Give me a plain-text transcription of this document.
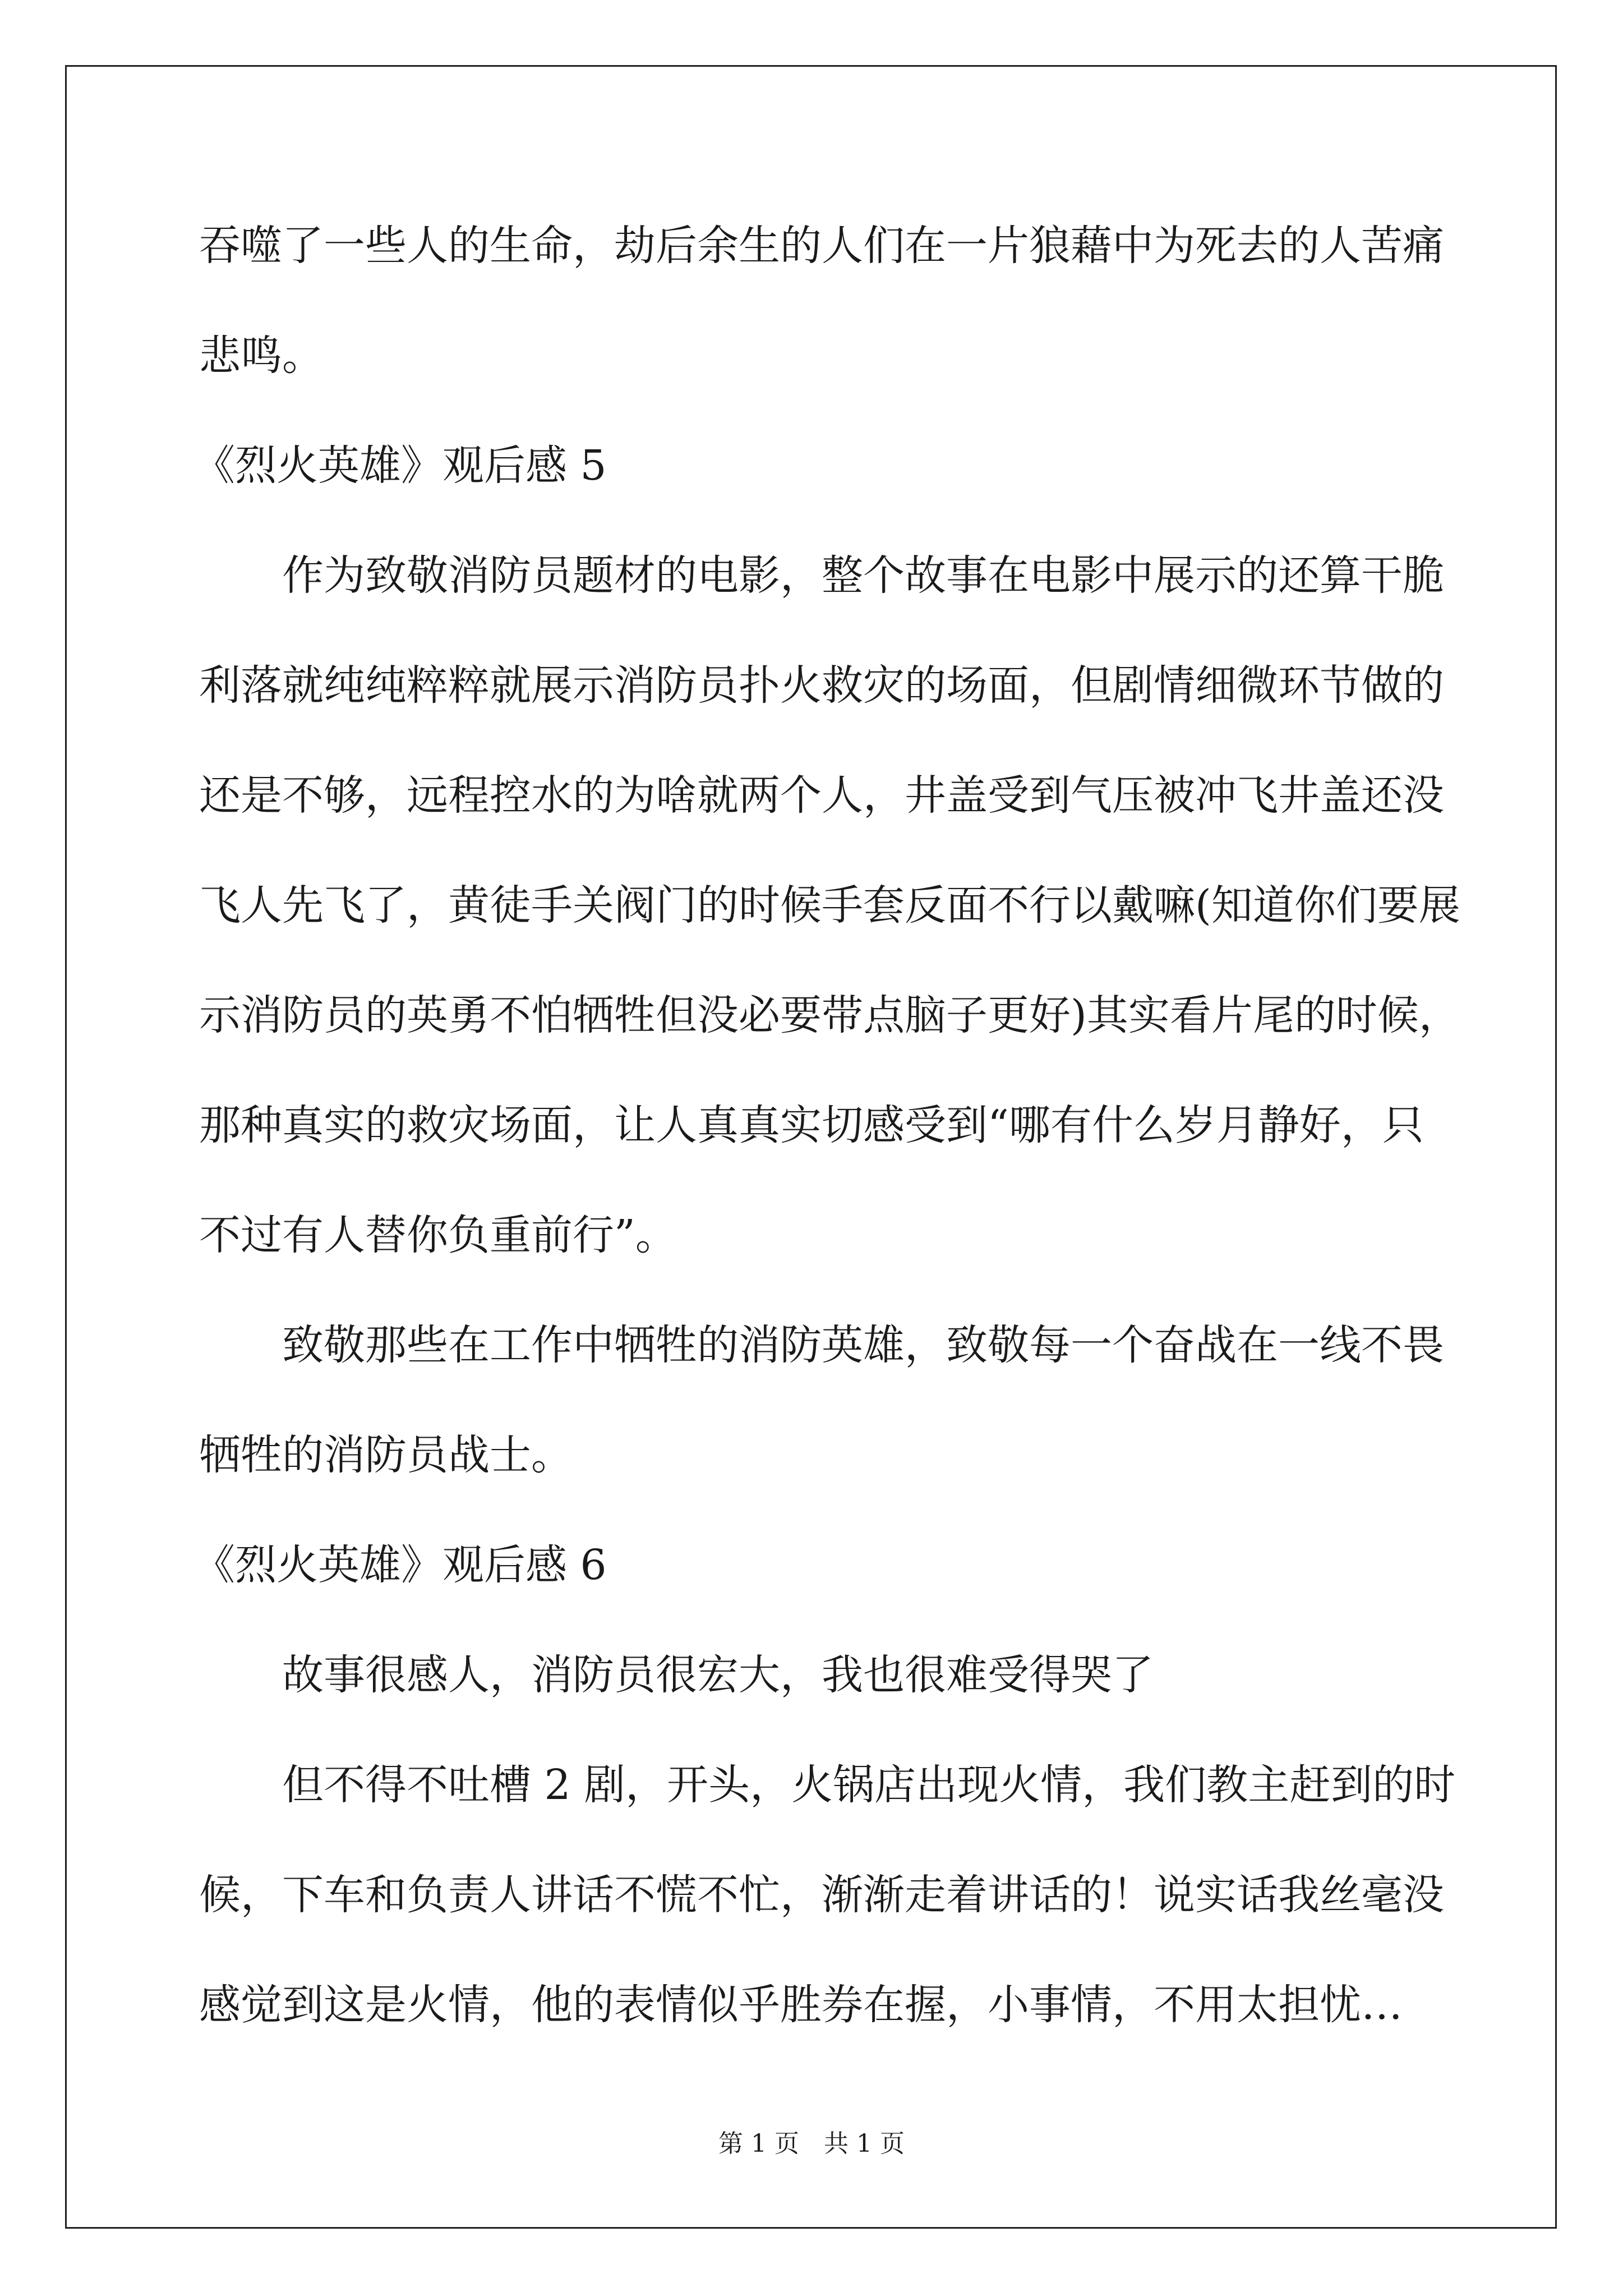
吞噬了一些人的生命，劫后余生的人们在一片狼藉中为死去的人苦痛

悲鸣。

《烈火英雄》观后感 5

作为致敬消防员题材的电影，整个故事在电影中展示的还算干脆

利落就纯纯粹粹就展示消防员扑火救灾的场面，但剧情细微环节做的

还是不够，远程控水的为啥就两个人，井盖受到气压被冲飞井盖还没

飞人先飞了，黄徒手关阀门的时候手套反面不行以戴嘛(知道你们要展

示消防员的英勇不怕牺牲但没必要带点脑子更好)其实看片尾的时候，

那种真实的救灾场面，让人真真实切感受到“哪有什么岁月静好，只

不过有人替你负重前行”。

致敬那些在工作中牺牲的消防英雄，致敬每一个奋战在一线不畏

牺牲的消防员战士。

《烈火英雄》观后感 6

故事很感人，消防员很宏大，我也很难受得哭了

但不得不吐槽 2 剧，开头，火锅店出现火情，我们教主赶到的时

候，下车和负责人讲话不慌不忙，渐渐走着讲话的！说实话我丝毫没

感觉到这是火情，他的表情似乎胜券在握，小事情，不用太担忧…

第 1 页　共 1 页
